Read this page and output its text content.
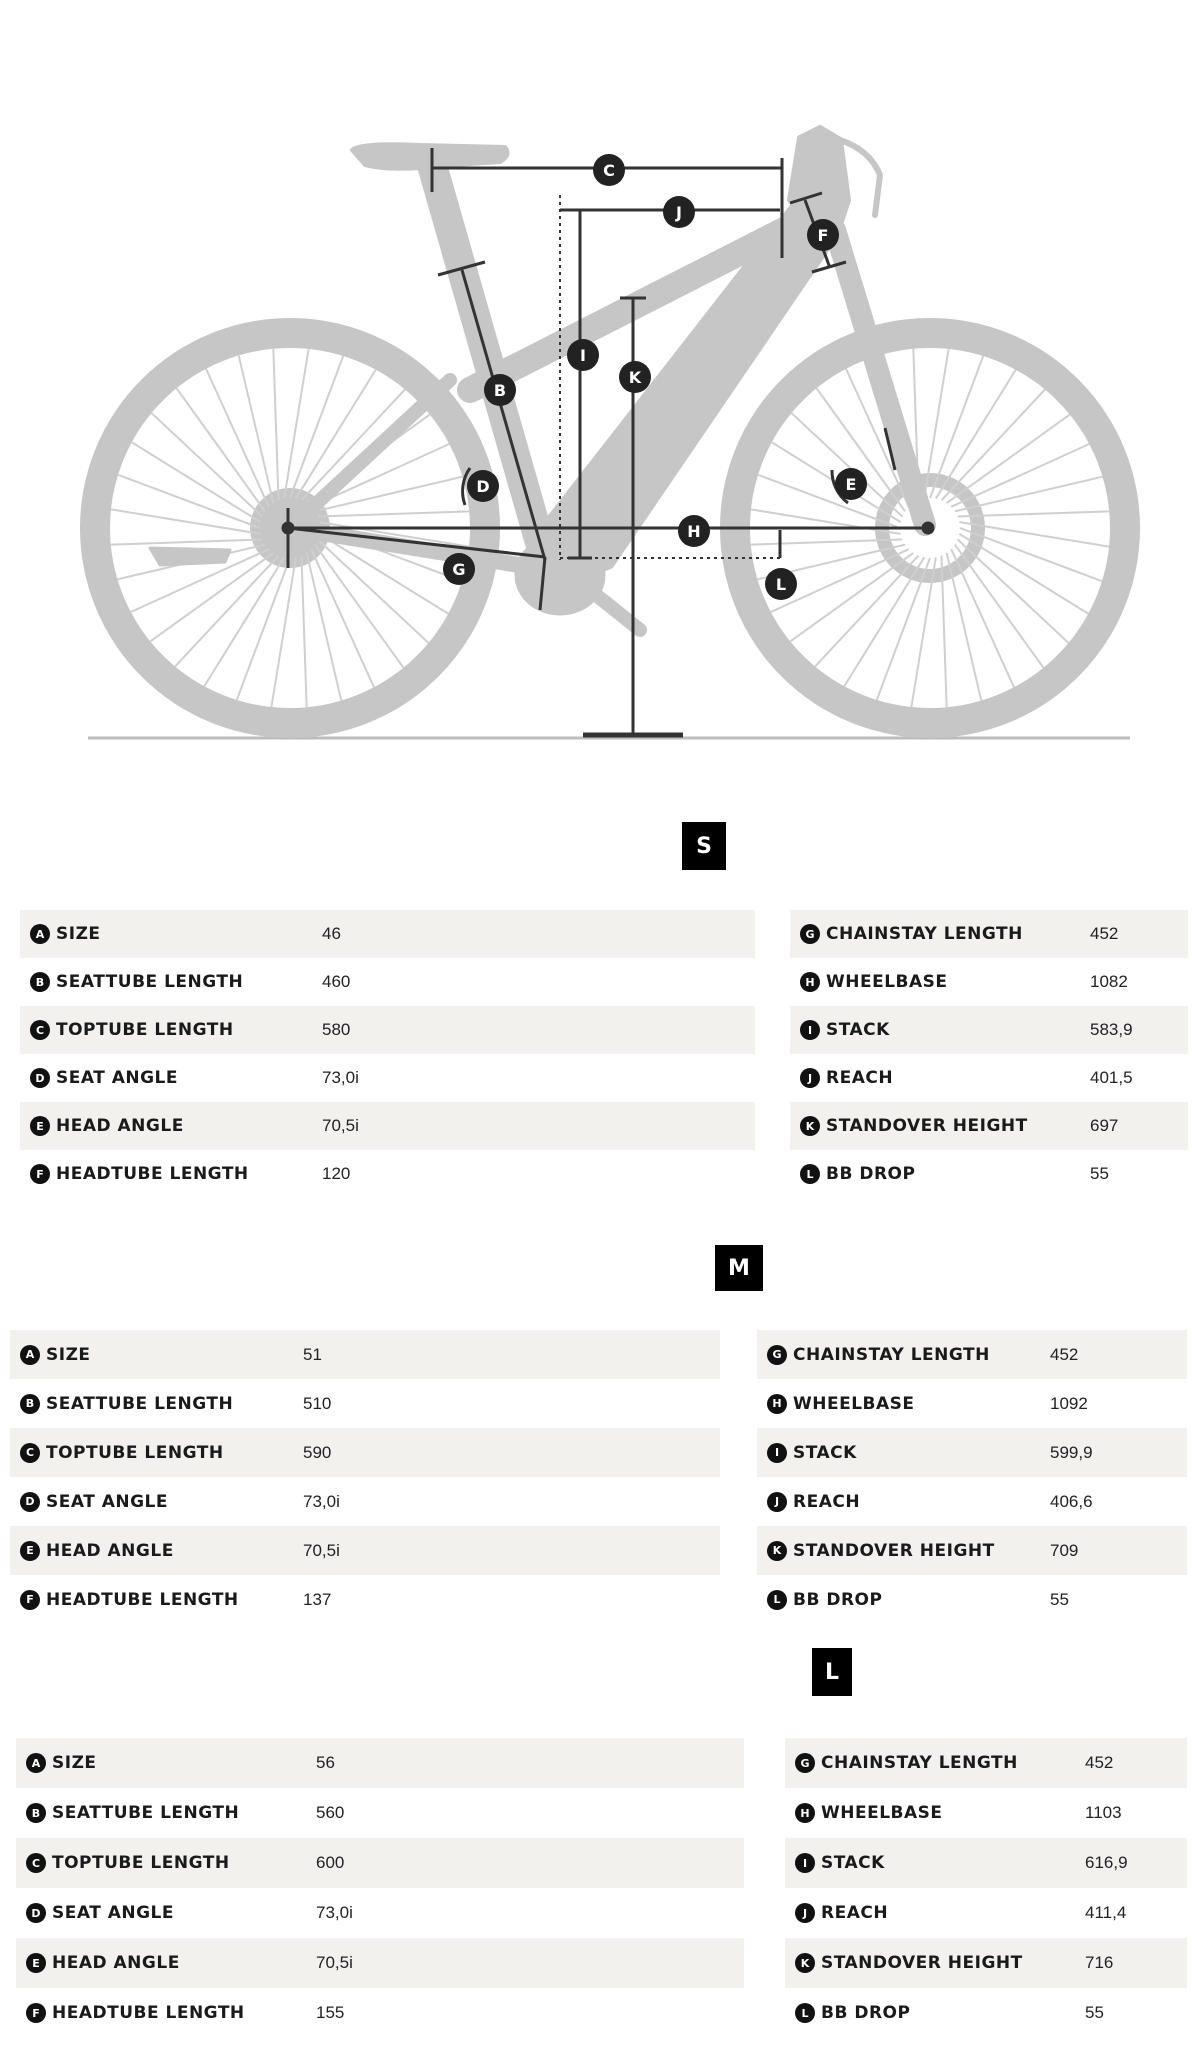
C
J
F
I
K
B
D	E
H
G
L
S
A SIZE	46
B SEATTUBE LENGTH	460
C TOPTUBE LENGTH	580
D SEAT ANGLE	73,0i
E HEAD ANGLE	70,5i
F HEADTUBE LENGTH	120
G CHAINSTAY LENGTH	452
H WHEELBASE	1082
I STACK	583,9
J REACH	401,5
K STANDOVER HEIGHT	697
L BB DROP	55
M
A SIZE	51
B SEATTUBE LENGTH	510
C TOPTUBE LENGTH	590
D SEAT ANGLE	73,0i
E HEAD ANGLE	70,5i
F HEADTUBE LENGTH	137
G CHAINSTAY LENGTH	452
H WHEELBASE	1092
I STACK	599,9
J REACH	406,6
K STANDOVER HEIGHT	709
L BB DROP	55
L
A SIZE	56
B SEATTUBE LENGTH	560
C TOPTUBE LENGTH	600
D SEAT ANGLE	73,0i
E HEAD ANGLE	70,5i
F HEADTUBE LENGTH	155
G CHAINSTAY LENGTH	452
H WHEELBASE	1103
I STACK	616,9
J REACH	411,4
K STANDOVER HEIGHT	716
L BB DROP	55
